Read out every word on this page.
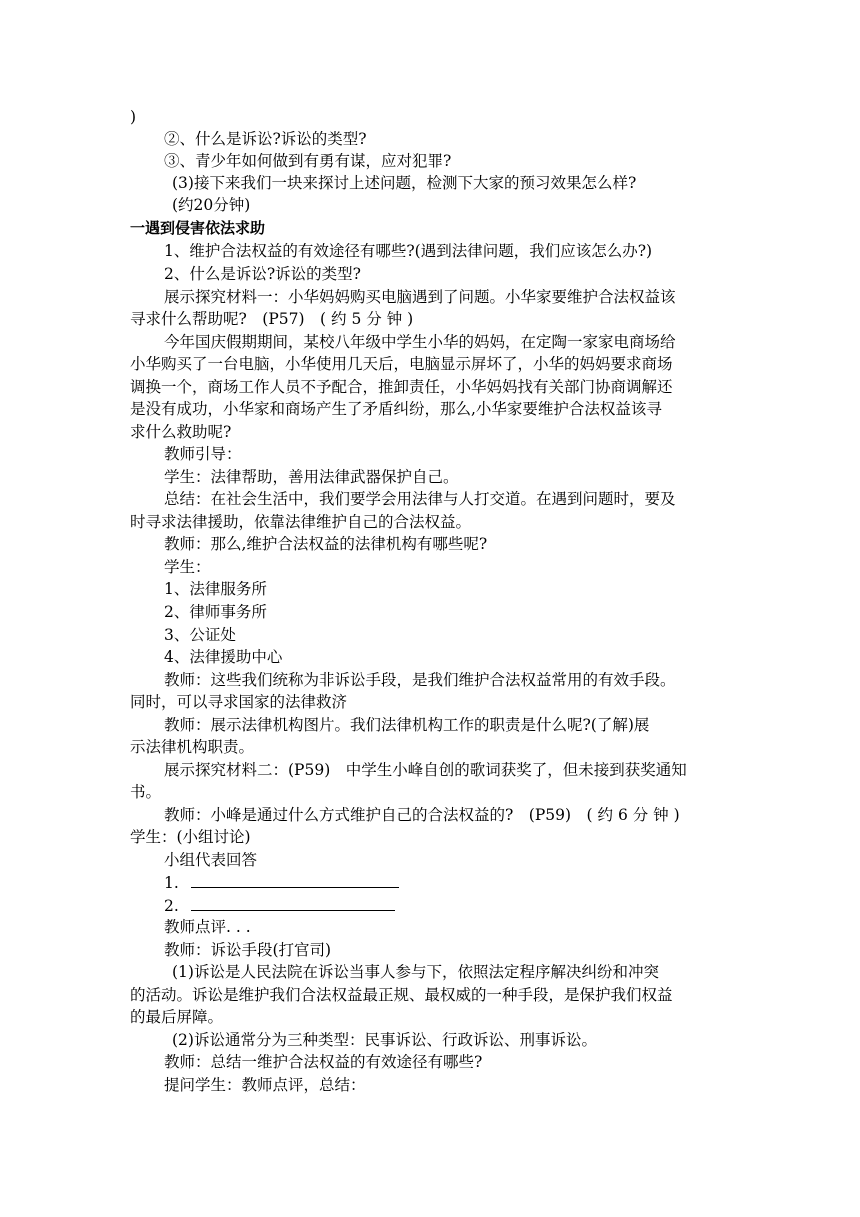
)
②、什么是诉讼?诉讼的类型?
③、青少年如何做到有勇有谋，应对犯罪?
(3)接下来我们一块来探讨上述问题，检测下大家的预习效果怎么样?
(约20分钟)
一遇到侵害依法求助
1、维护合法权益的有效途径有哪些?(遇到法律问题，我们应该怎么办?)
2、什么是诉讼?诉讼的类型?
展示探究材料一：小华妈妈购买电脑遇到了问题。小华家要维护合法权益该
寻求什么帮助呢?　(P57)　( 约 5 分 钟 )
今年国庆假期期间，某校八年级中学生小华的妈妈，在定陶一家家电商场给
小华购买了一台电脑，小华使用几天后，电脑显示屏坏了，小华的妈妈要求商场
调换一个，商场工作人员不予配合，推卸责任，小华妈妈找有关部门协商调解还
是没有成功，小华家和商场产生了矛盾纠纷，那么,小华家要维护合法权益该寻
求什么救助呢?
教师引导：
学生：法律帮助，善用法律武器保护自己。
总结：在社会生活中，我们要学会用法律与人打交道。在遇到问题时，要及
时寻求法律援助，依靠法律维护自己的合法权益。
教师：那么,维护合法权益的法律机构有哪些呢?
学生：
1、法律服务所
2、律师事务所
3、公证处
4、法律援助中心
教师：这些我们统称为非诉讼手段，是我们维护合法权益常用的有效手段。
同时，可以寻求国家的法律救济
教师：展示法律机构图片。我们法律机构工作的职责是什么呢?(了解)展
示法律机构职责。
展示探究材料二：(P59)　中学生小峰自创的歌词获奖了，但未接到获奖通知
书。
教师：小峰是通过什么方式维护自己的合法权益的?　(P59)　( 约 6 分 钟 )
学生：(小组讨论)
小组代表回答
1.
2.
教师点评. . .
教师：诉讼手段(打官司)
(1)诉讼是人民法院在诉讼当事人参与下，依照法定程序解决纠纷和冲突
的活动。诉讼是维护我们合法权益最正规、最权威的一种手段，是保护我们权益
的最后屏障。
(2)诉讼通常分为三种类型：民事诉讼、行政诉讼、刑事诉讼。
教师：总结一维护合法权益的有效途径有哪些?
提问学生：教师点评，总结：
